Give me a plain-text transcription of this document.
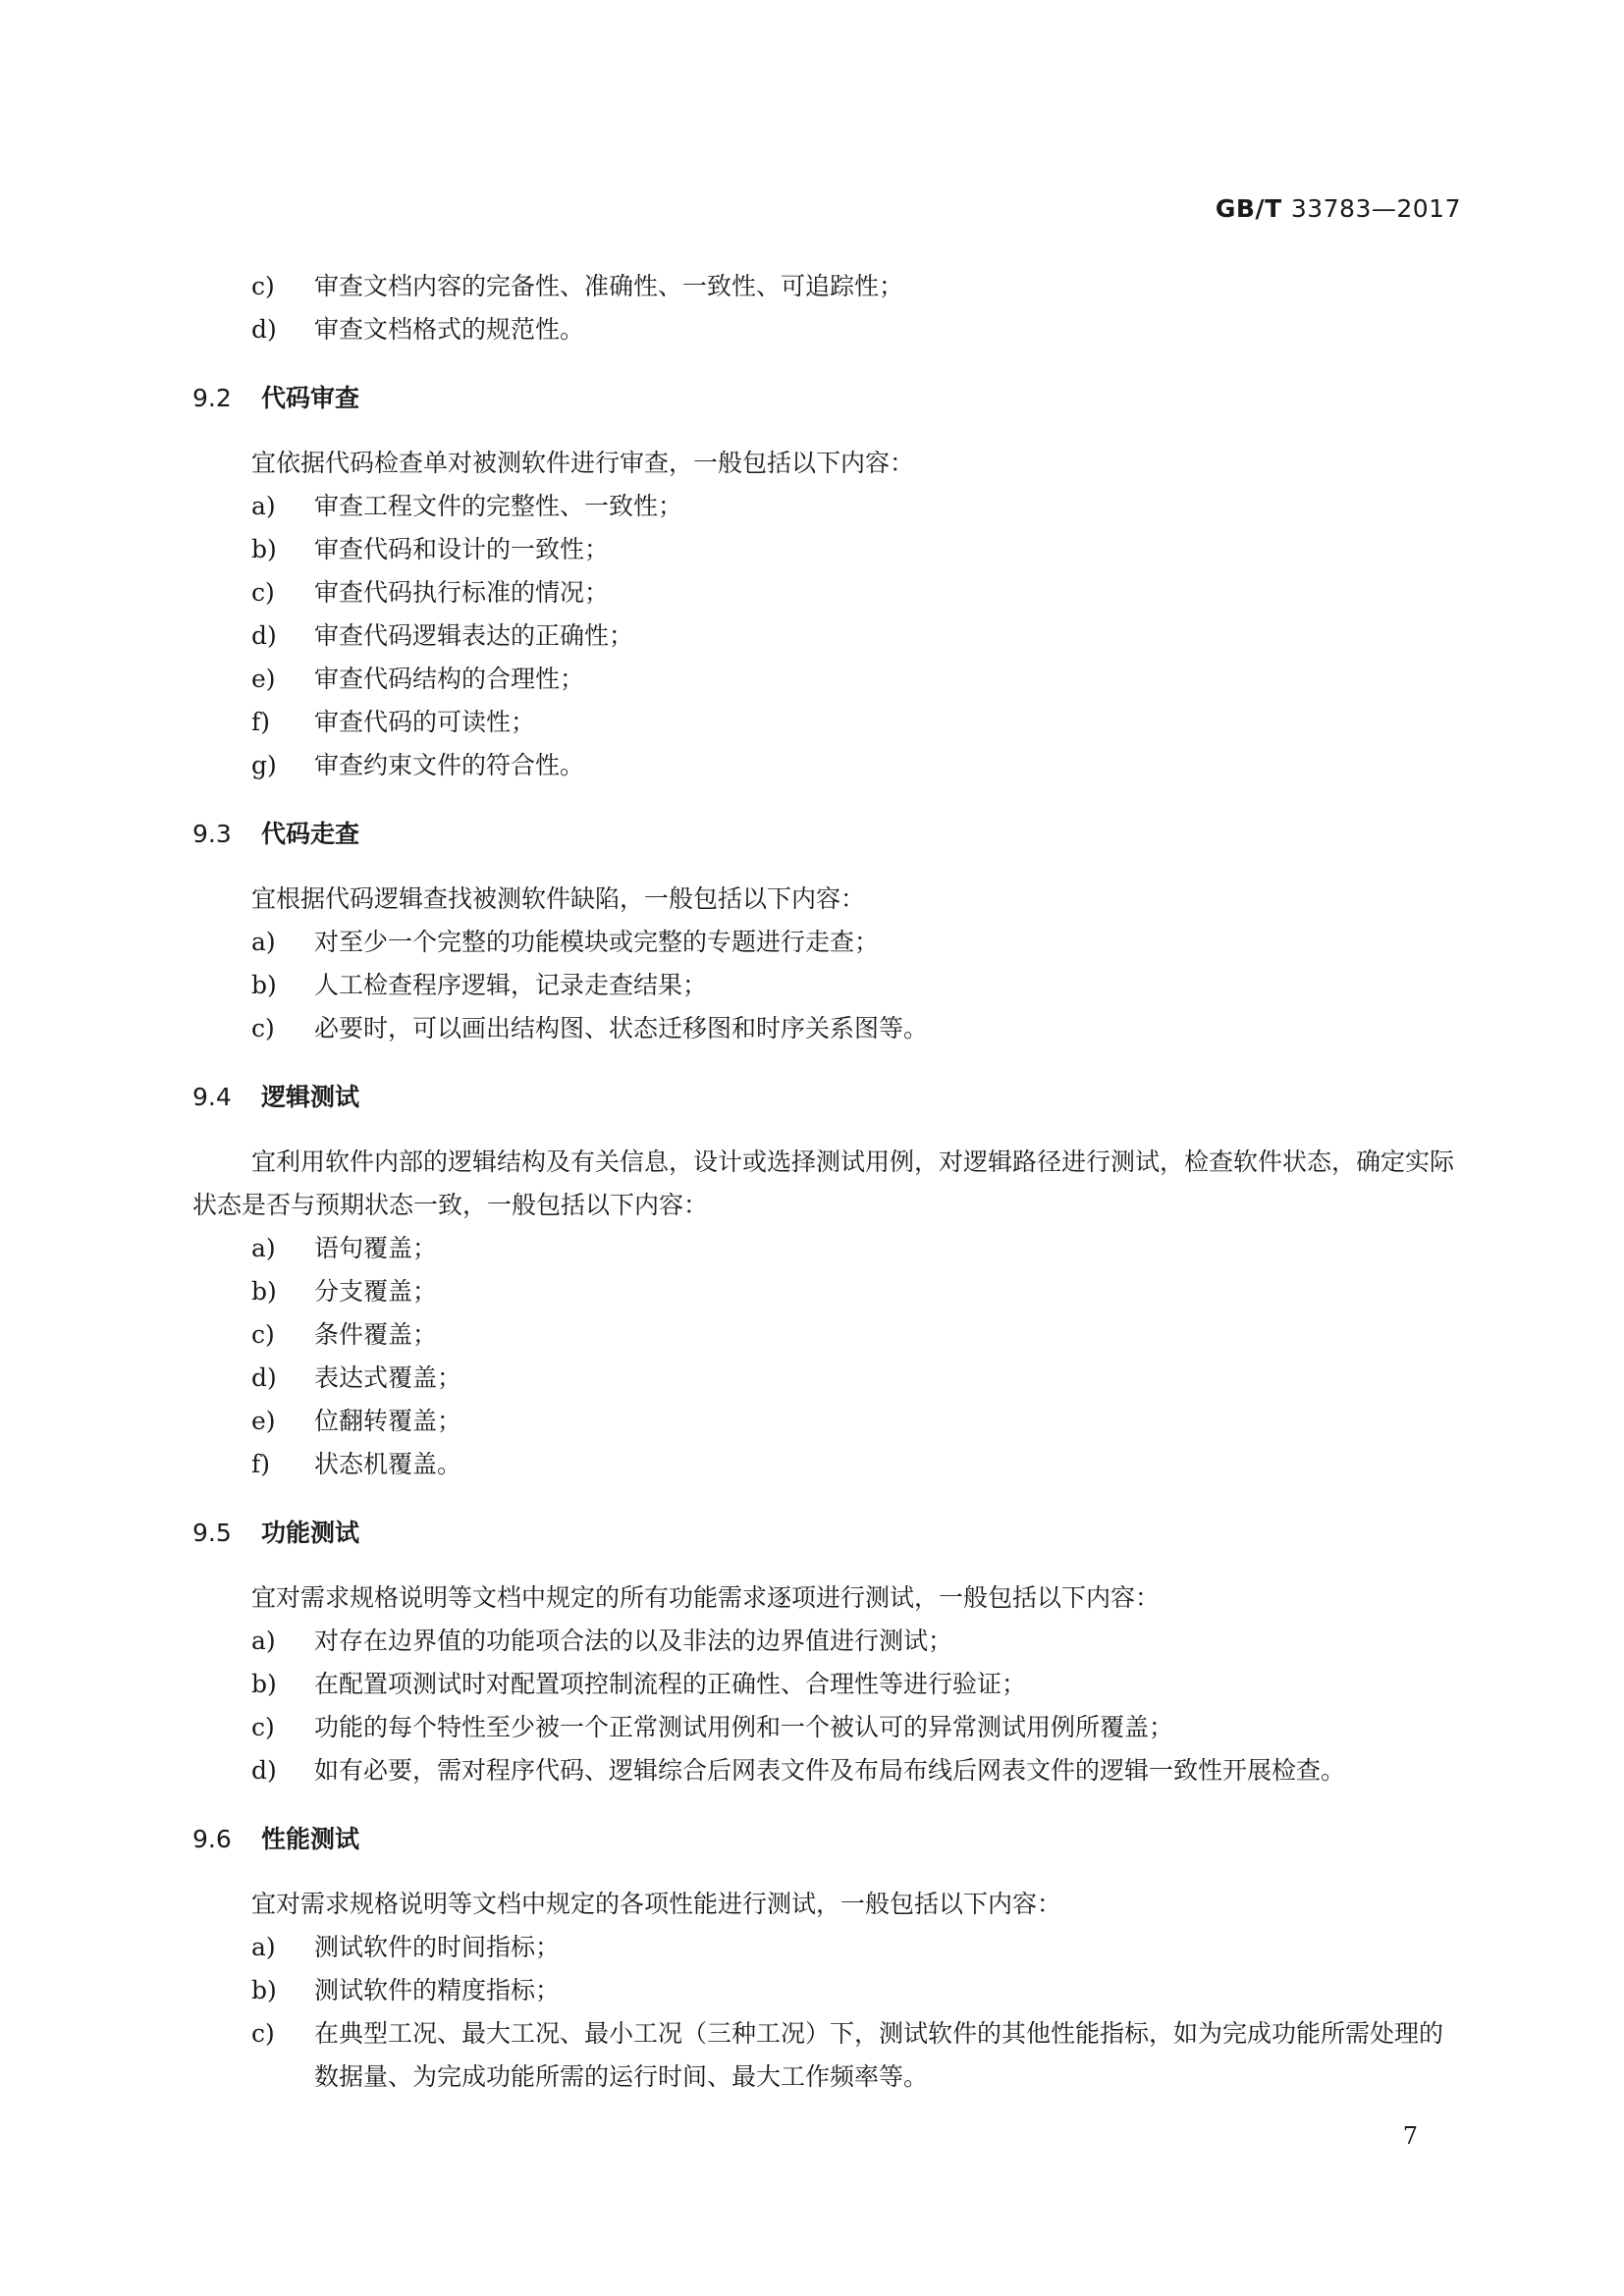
GB/T 33783—2017
c) 审查文档内容的完备性、准确性、一致性、可追踪性；
d) 审查文档格式的规范性。
9.2 代码审查
宜依据代码检查单对被测软件进行审查，一般包括以下内容：
a) 审查工程文件的完整性、一致性；
b) 审查代码和设计的一致性；
c) 审查代码执行标准的情况；
d) 审查代码逻辑表达的正确性；
e) 审查代码结构的合理性；
f) 审查代码的可读性；
g) 审查约束文件的符合性。
9.3 代码走查
宜根据代码逻辑查找被测软件缺陷，一般包括以下内容：
a) 对至少一个完整的功能模块或完整的专题进行走查；
b) 人工检查程序逻辑，记录走查结果；
c) 必要时，可以画出结构图、状态迁移图和时序关系图等。
9.4 逻辑测试
宜利用软件内部的逻辑结构及有关信息，设计或选择测试用例，对逻辑路径进行测试，检查软件状态，确定实际状态是否与预期状态一致，一般包括以下内容：
a) 语句覆盖；
b) 分支覆盖；
c) 条件覆盖；
d) 表达式覆盖；
e) 位翻转覆盖；
f) 状态机覆盖。
9.5 功能测试
宜对需求规格说明等文档中规定的所有功能需求逐项进行测试，一般包括以下内容：
a) 对存在边界值的功能项合法的以及非法的边界值进行测试；
b) 在配置项测试时对配置项控制流程的正确性、合理性等进行验证；
c) 功能的每个特性至少被一个正常测试用例和一个被认可的异常测试用例所覆盖；
d) 如有必要，需对程序代码、逻辑综合后网表文件及布局布线后网表文件的逻辑一致性开展检查。
9.6 性能测试
宜对需求规格说明等文档中规定的各项性能进行测试，一般包括以下内容：
a) 测试软件的时间指标；
b) 测试软件的精度指标；
c) 在典型工况、最大工况、最小工况（三种工况）下，测试软件的其他性能指标，如为完成功能所需处理的数据量、为完成功能所需的运行时间、最大工作频率等。
7
